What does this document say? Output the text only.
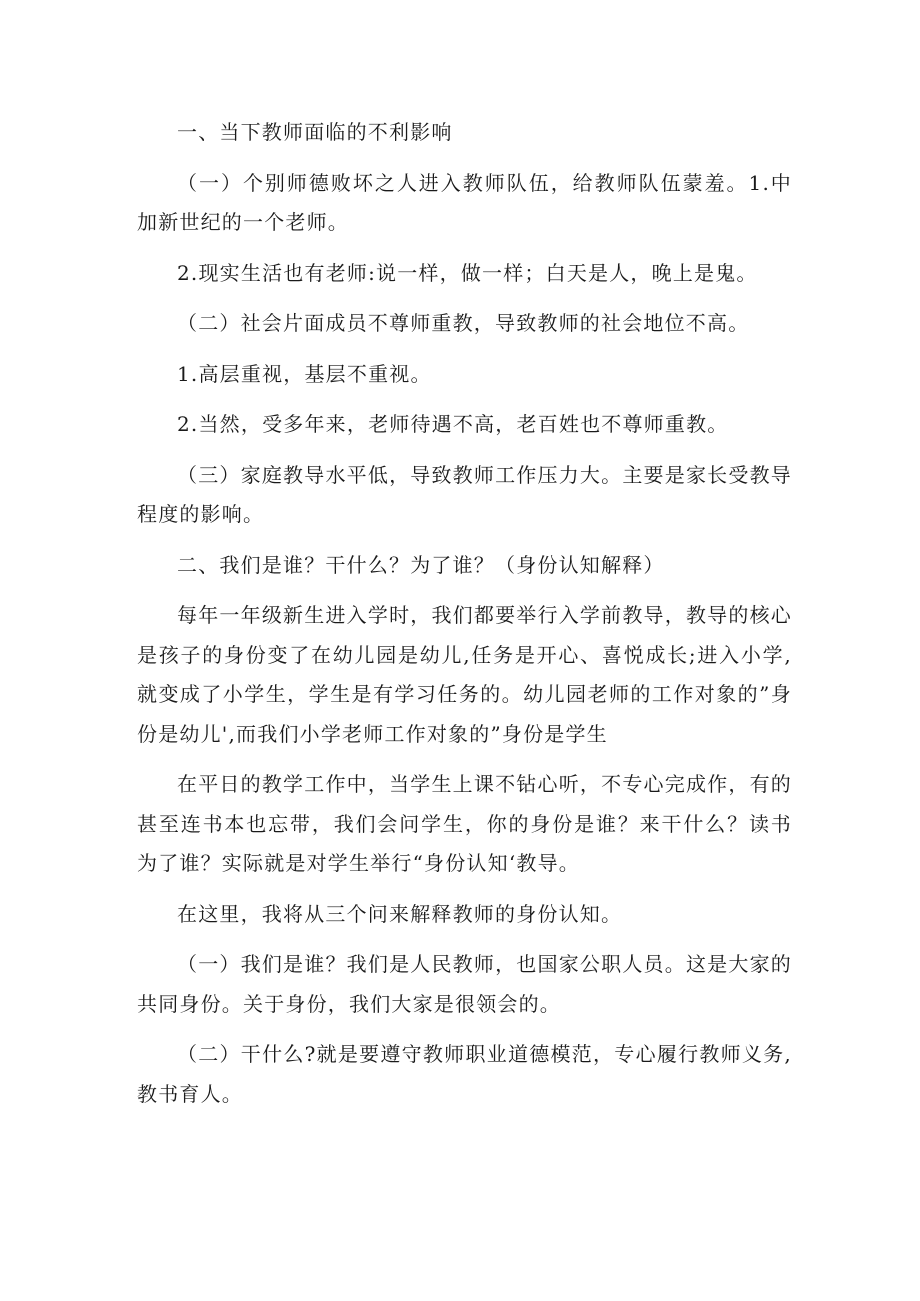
一、当下教师面临的不利影响

（一）个别师德败坏之人进入教师队伍，给教师队伍蒙羞。1.中加新世纪的一个老师。

2.现实生活也有老师:说一样，做一样；白天是人，晚上是鬼。

（二）社会片面成员不尊师重教，导致教师的社会地位不高。

1.高层重视，基层不重视。

2.当然，受多年来，老师待遇不高，老百姓也不尊师重教。

（三）家庭教导水平低，导致教师工作压力大。主要是家长受教导程度的影响。

二、我们是谁？干什么？为了谁？（身份认知解释）

每年一年级新生进入学时，我们都要举行入学前教导，教导的核心是孩子的身份变了在幼儿园是幼儿,任务是开心、喜悦成长;进入小学,就变成了小学生，学生是有学习任务的。幼儿园老师的工作对象的”身份是幼儿',而我们小学老师工作对象的”身份是学生

在平日的教学工作中，当学生上课不钻心听，不专心完成作，有的甚至连书本也忘带，我们会问学生，你的身份是谁？来干什么？读书为了谁？实际就是对学生举行“身份认知‘教导。

在这里，我将从三个问来解释教师的身份认知。

（一）我们是谁？我们是人民教师，也国家公职人员。这是大家的共同身份。关于身份，我们大家是很领会的。

（二）干什么?就是要遵守教师职业道德模范，专心履行教师义务,教书育人。
